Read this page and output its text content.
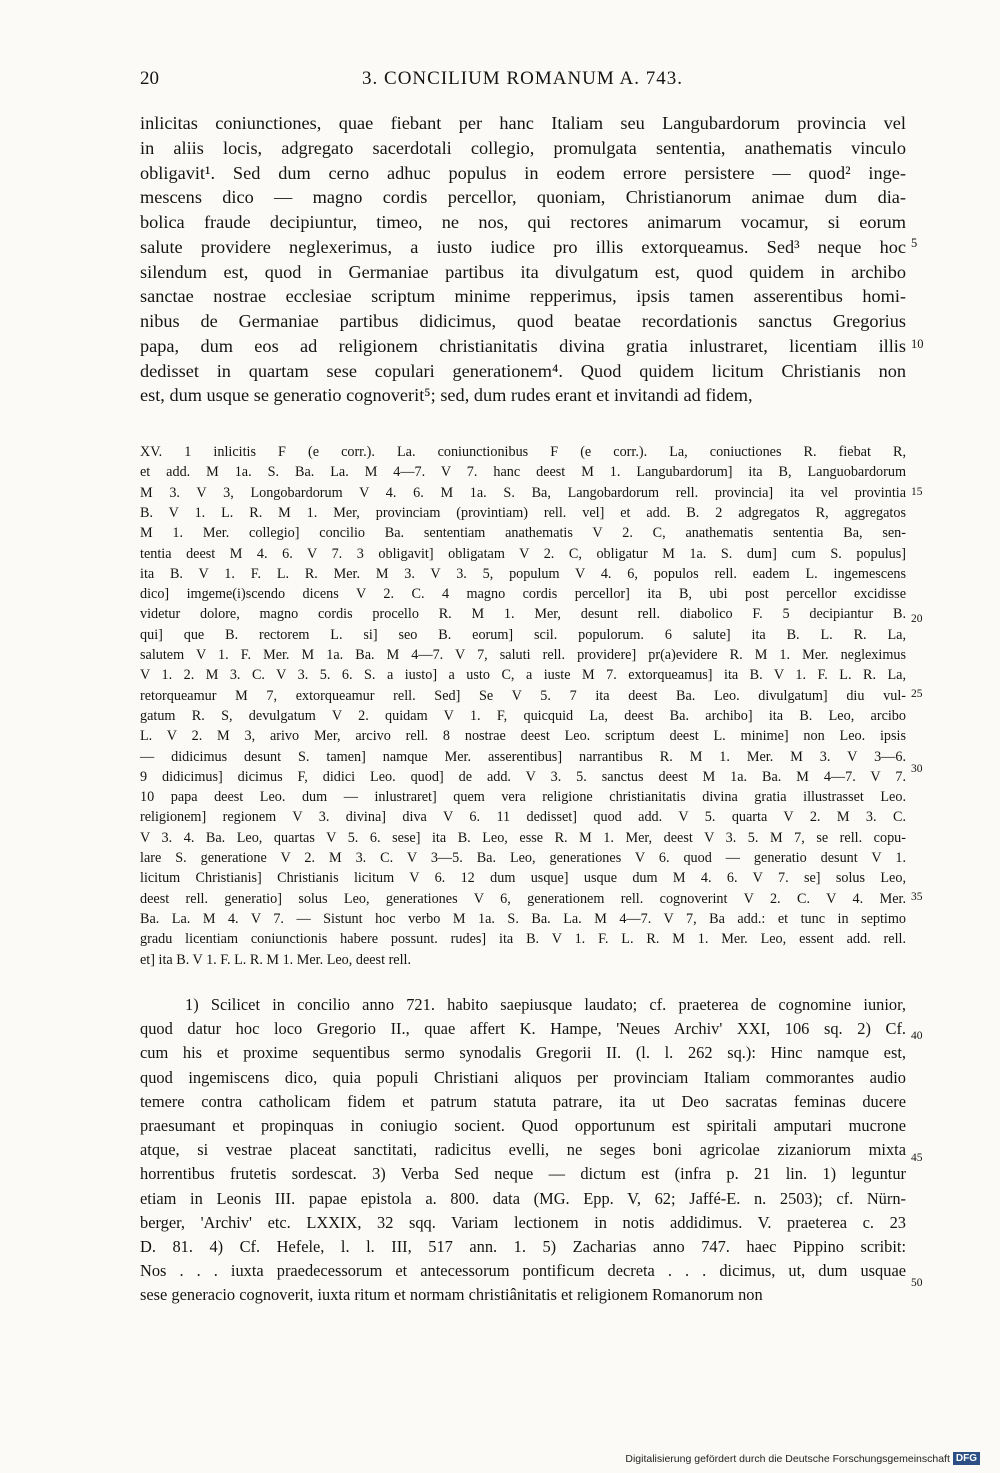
20	3. CONCILIUM ROMANUM A. 743.
inlicitas coniunctiones, quae fiebant per hanc Italiam seu Langubardorum provincia vel
in aliis locis, adgregato sacerdotali collegio, promulgata sententia, anathematis vinculo
obligavit¹. Sed dum cerno adhuc populus in eodem errore persistere — quod² inge-
mescens dico — magno cordis percellor, quoniam, Christianorum animae dum dia-
bolica fraude decipiuntur, timeo, ne nos, qui rectores animarum vocamur, si eorum
salute providere neglexerimus, a iusto iudice pro illis extorqueamus. Sed³ neque hoc
silendum est, quod in Germaniae partibus ita divulgatum est, quod quidem in archibo
sanctae nostrae ecclesiae scriptum minime repperimus, ipsis tamen asserentibus homi-
nibus de Germaniae partibus didicimus, quod beatae recordationis sanctus Gregorius
papa, dum eos ad religionem christianitatis divina gratia inlustraret, licentiam illis
dedisset in quartam sese copulari generationem⁴. Quod quidem licitum Christianis non
est, dum usque se generatio cognoverit⁵; sed, dum rudes erant et invitandi ad fidem,
XV. 1 inlicitis F (e corr.). La. coniunctionibus F (e corr.). La, coniuctiones R. fiebat R,
et add. M 1a. S. Ba. La. M 4—7. V 7. hanc deest M 1. Langubardorum] ita B, Languobardorum
M 3. V 3, Longobardorum V 4. 6. M 1a. S. Ba, Langobardorum rell. provincia] ita vel provintia
B. V 1. L. R. M 1. Mer, provinciam (provintiam) rell. vel] et add. B. 2 adgregatos R, aggregatos
M 1. Mer. collegio] concilio Ba. sententiam anathematis V 2. C, anathematis sententia Ba, sen-
tentia deest M 4. 6. V 7. 3 obligavit] obligatam V 2. C, obligatur M 1a. S. dum] cum S. populus]
ita B. V 1. F. L. R. Mer. M 3. V 3. 5, populum V 4. 6, populos rell. eadem L. ingemescens
dico] imgeme(i)scendo dicens V 2. C. 4 magno cordis percellor] ita B, ubi post percellor excidisse
videtur dolore, magno cordis procello R. M 1. Mer, desunt rell. diabolico F. 5 decipiantur B.
qui] que B. rectorem L. si] seo B. eorum] scil. populorum. 6 salute] ita B. L. R. La,
salutem V 1. F. Mer. M 1a. Ba. M 4—7. V 7, saluti rell. providere] pr(a)evidere R. M 1. Mer. negleximus
V 1. 2. M 3. C. V 3. 5. 6. S. a iusto] a usto C, a iuste M 7. extorqueamus] ita B. V 1. F. L. R. La,
retorqueamur M 7, extorqueamur rell. Sed] Se V 5. 7 ita deest Ba. Leo. divulgatum] diu vul-
gatum R. S, devulgatum V 2. quidam V 1. F, quicquid La, deest Ba. archibo] ita B. Leo, arcibo
L. V 2. M 3, arivo Mer, arcivo rell. 8 nostrae deest Leo. scriptum deest L. minime] non Leo. ipsis
— didicimus desunt S. tamen] namque Mer. asserentibus] narrantibus R. M 1. Mer. M 3. V 3—6.
9 didicimus] dicimus F, didici Leo. quod] de add. V 3. 5. sanctus deest M 1a. Ba. M 4—7. V 7.
10 papa deest Leo. dum — inlustraret] quem vera religione christianitatis divina gratia illustrasset Leo.
religionem] regionem V 3. divina] diva V 6. 11 dedisset] quod add. V 5. quarta V 2. M 3. C.
V 3. 4. Ba. Leo, quartas V 5. 6. sese] ita B. Leo, esse R. M 1. Mer, deest V 3. 5. M 7, se rell. copu-
lare S. generatione V 2. M 3. C. V 3—5. Ba. Leo, generationes V 6. quod — generatio desunt V 1.
licitum Christianis] Christianis licitum V 6. 12 dum usque] usque dum M 4. 6. V 7. se] solus Leo,
deest rell. generatio] solus Leo, generationes V 6, generationem rell. cognoverint V 2. C. V 4. Mer.
Ba. La. M 4. V 7. — Sistunt hoc verbo M 1a. S. Ba. La. M 4—7. V 7, Ba add.: et tunc in septimo
gradu licentiam coniunctionis habere possunt. rudes] ita B. V 1. F. L. R. M 1. Mer. Leo, essent add. rell.
et] ita B. V 1. F. L. R. M 1. Mer. Leo, deest rell.
1) Scilicet in concilio anno 721. habito saepiusque laudato; cf. praeterea de cognomine iunior,
quod datur hoc loco Gregorio II., quae affert K. Hampe, 'Neues Archiv' XXI, 106 sq. 2) Cf.
cum his et proxime sequentibus sermo synodalis Gregorii II. (l. l. 262 sq.): Hinc namque est,
quod ingemiscens dico, quia populi Christiani aliquos per provinciam Italiam commorantes audio
temere contra catholicam fidem et patrum statuta patrare, ita ut Deo sacratas feminas ducere
praesumant et propinquas in coniugio socient. Quod opportunum est spiritali amputari mucrone
atque, si vestrae placeat sanctitati, radicitus evelli, ne seges boni agricolae zizaniorum mixta
horrentibus frutetis sordescat. 3) Verba Sed neque — dictum est (infra p. 21 lin. 1) leguntur
etiam in Leonis III. papae epistola a. 800. data (MG. Epp. V, 62; Jaffé-E. n. 2503); cf. Nürn-
berger, 'Archiv' etc. LXXIX, 32 sqq. Variam lectionem in notis addidimus. V. praeterea c. 23
D. 81. 4) Cf. Hefele, l. l. III, 517 ann. 1. 5) Zacharias anno 747. haec Pippino scribit:
Nos . . . iuxta praedecessorum et antecessorum pontificum decreta . . . dicimus, ut, dum usquae
sese generacio cognoverit, iuxta ritum et normam christiânitatis et religionem Romanorum non
5
10
15
20
25
30
35
40
45
50
Digitalisierung gefördert durch die Deutsche Forschungsgemeinschaft DFG
